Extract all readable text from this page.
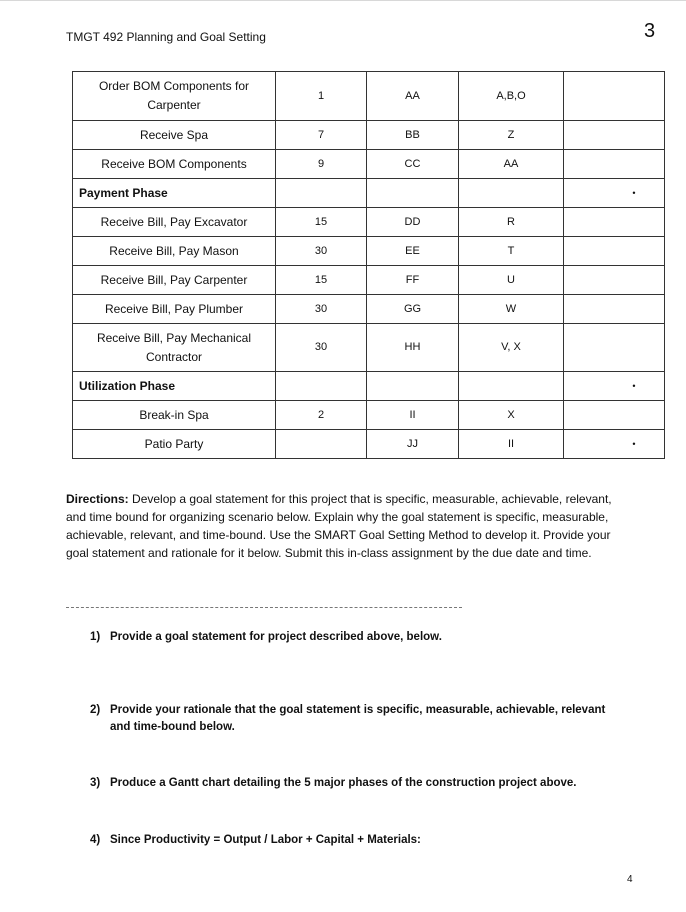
3
TMGT 492 Planning and Goal Setting
Order BOM Components for Carpenter	1	AA	A,B,O	
Receive Spa	7	BB	Z	
Receive BOM Components	9	CC	AA	
Payment Phase				•
Receive Bill, Pay Excavator	15	DD	R	
Receive Bill, Pay Mason	30	EE	T	
Receive Bill, Pay Carpenter	15	FF	U	
Receive Bill, Pay Plumber	30	GG	W	
Receive Bill, Pay Mechanical Contractor	30	HH	V, X	
Utilization Phase				•
Break-in Spa	2	II	X	
Patio Party		JJ	II	•
Directions: Develop a goal statement for this project that is specific, measurable, achievable, relevant, and time bound for organizing scenario below. Explain why the goal statement is specific, measurable, achievable, relevant, and time-bound. Use the SMART Goal Setting Method to develop it. Provide your goal statement and rationale for it below. Submit this in-class assignment by the due date and time.
1) Provide a goal statement for project described above, below.
2) Provide your rationale that the goal statement is specific, measurable, achievable, relevant and time-bound below.
3) Produce a Gantt chart detailing the 5 major phases of the construction project above.
4) Since Productivity = Output / Labor + Capital + Materials:
4
